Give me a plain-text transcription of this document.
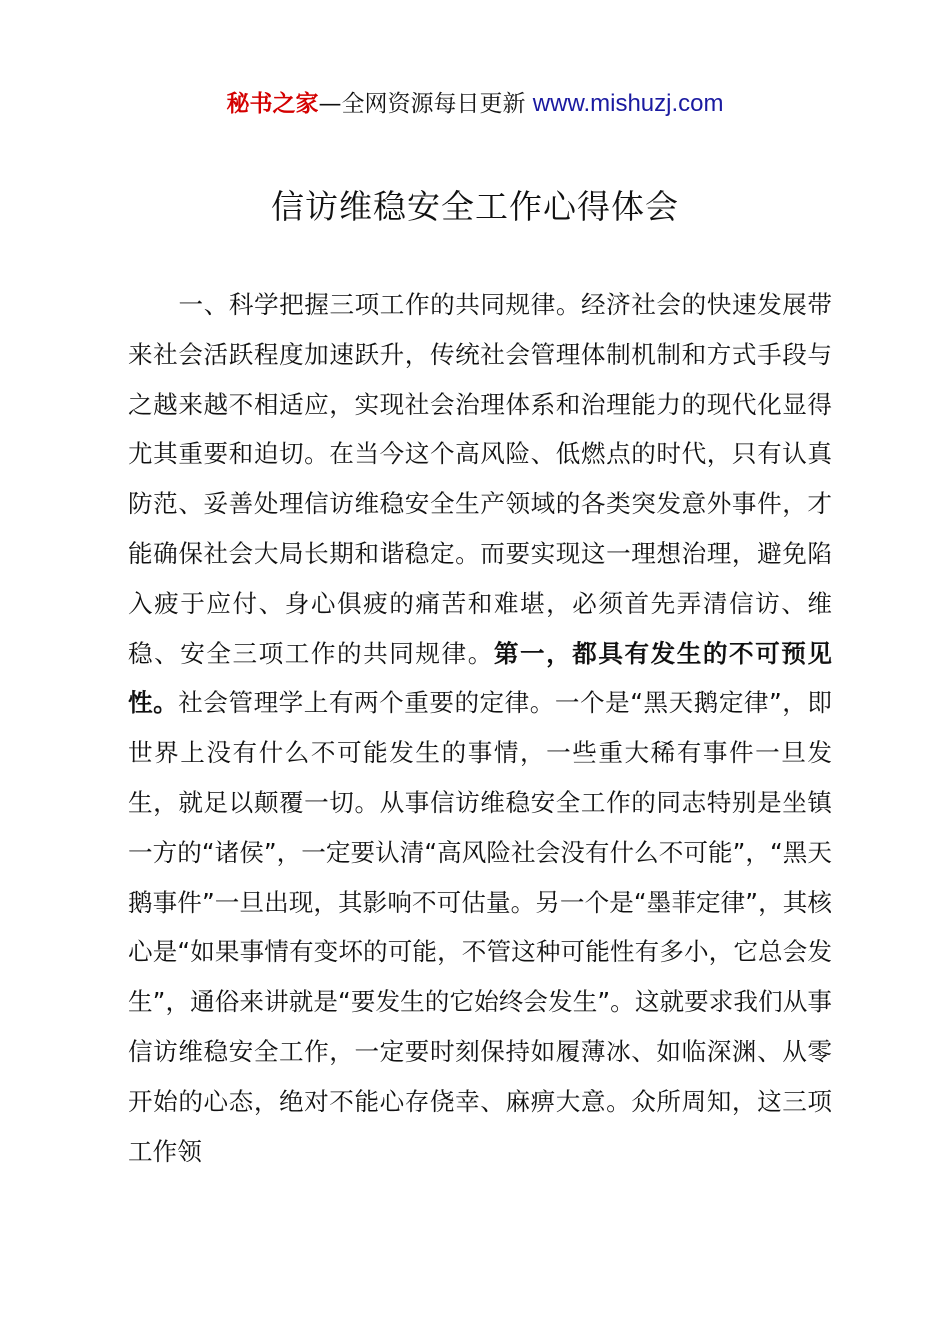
秘书之家—全网资源每日更新 www.mishuzj.com
信访维稳安全工作心得体会

一、科学把握三项工作的共同规律。经济社会的快速发展带来社会活跃程度加速跃升，传统社会管理体制机制和方式手段与之越来越不相适应，实现社会治理体系和治理能力的现代化显得尤其重要和迫切。在当今这个高风险、低燃点的时代，只有认真防范、妥善处理信访维稳安全生产领域的各类突发意外事件，才能确保社会大局长期和谐稳定。而要实现这一理想治理，避免陷入疲于应付、身心俱疲的痛苦和难堪，必须首先弄清信访、维稳、安全三项工作的共同规律。第一，都具有发生的不可预见性。社会管理学上有两个重要的定律。一个是“黑天鹅定律”，即世界上没有什么不可能发生的事情，一些重大稀有事件一旦发生，就足以颠覆一切。从事信访维稳安全工作的同志特别是坐镇一方的“诸侯”，一定要认清“高风险社会没有什么不可能”，“黑天鹅事件”一旦出现，其影响不可估量。另一个是“墨菲定律”，其核心是“如果事情有变坏的可能，不管这种可能性有多小，它总会发生”，通俗来讲就是“要发生的它始终会发生”。这就要求我们从事信访维稳安全工作，一定要时刻保持如履薄冰、如临深渊、从零开始的心态，绝对不能心存侥幸、麻痹大意。众所周知，这三项工作领
